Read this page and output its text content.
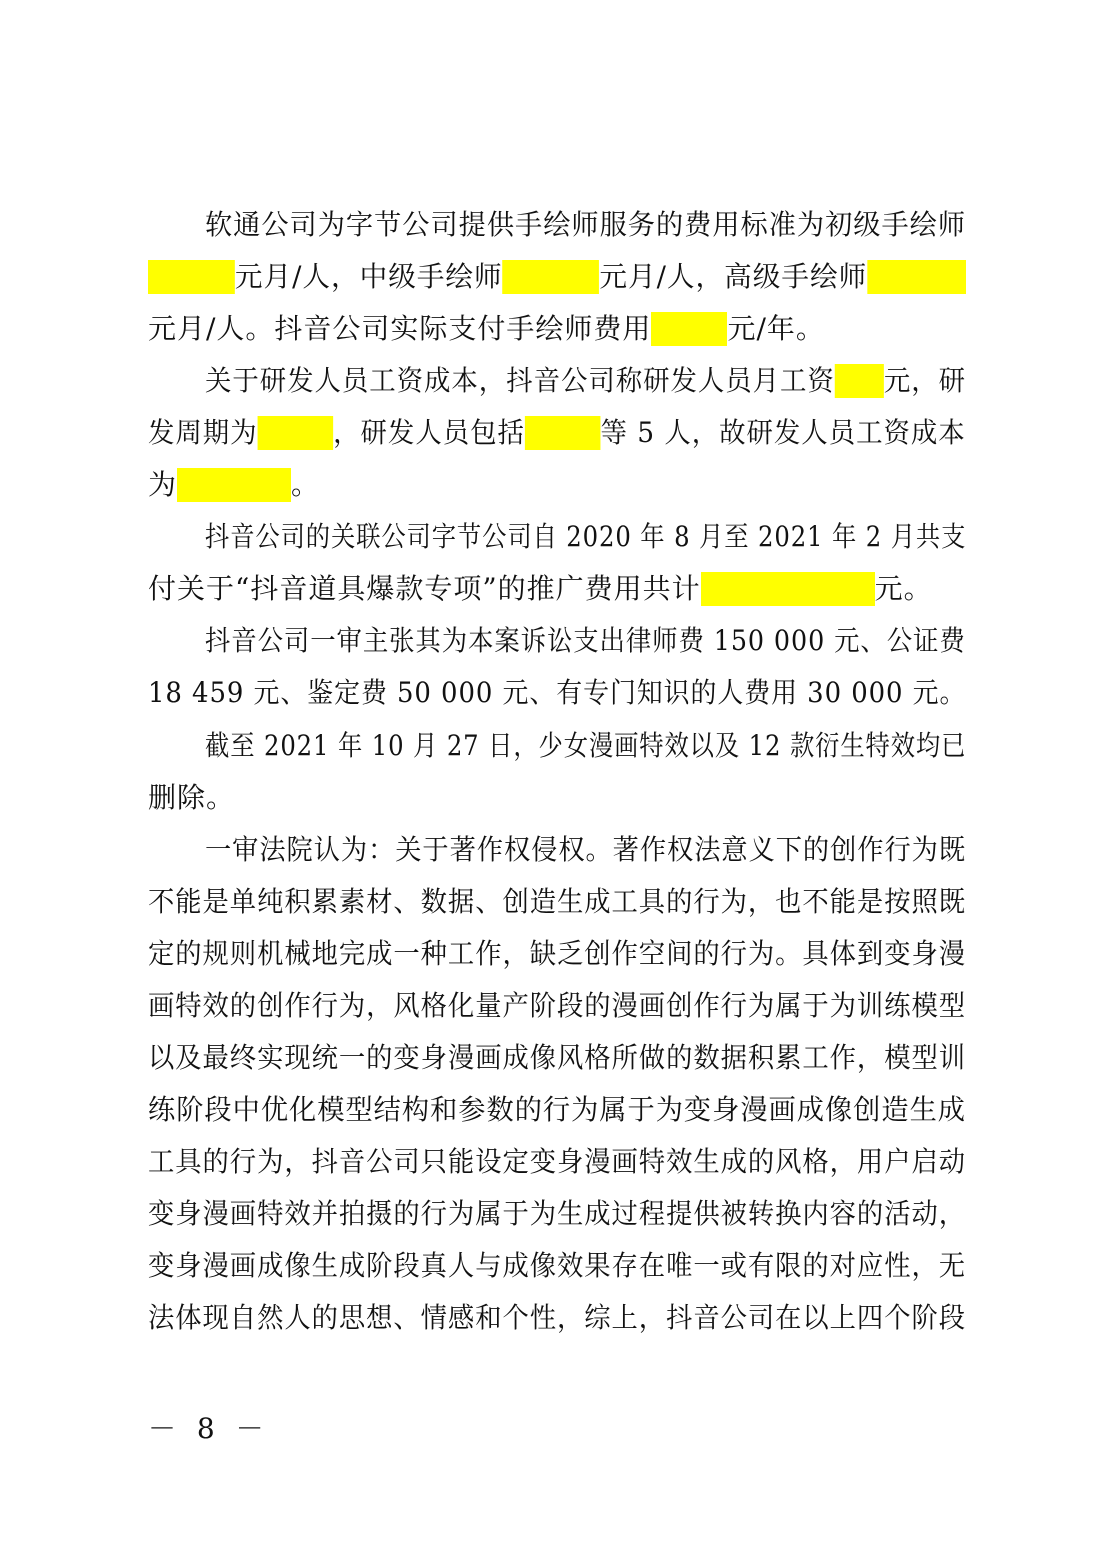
软通公司为字节公司提供手绘师服务的费用标准为初级手绘师
元月/人，中级手绘师	元月/人，高级手绘师
元月/人。抖音公司实际支付手绘师费用	元/年。
关于研发人员工资成本，抖音公司称研发人员月工资 元，研
发周期为	，研发人员包括	等 5 人，故研发人员工资成本
为	。
抖音公司的关联公司字节公司自 2020 年 8 月至 2021 年 2 月共支
付关于“抖音道具爆款专项”的推广费用共计	元。
抖音公司一审主张其为本案诉讼支出律师费 150 000 元、公证费
18 459 元、鉴定费 50 000 元、有专门知识的人费用 30 000 元。
截至 2021 年 10 月 27 日，少女漫画特效以及 12 款衍生特效均已
删除。
一审法院认为：关于著作权侵权。著作权法意义下的创作行为既
不能是单纯积累素材、数据、创造生成工具的行为，也不能是按照既
定的规则机械地完成一种工作，缺乏创作空间的行为。具体到变身漫
画特效的创作行为，风格化量产阶段的漫画创作行为属于为训练模型
以及最终实现统一的变身漫画成像风格所做的数据积累工作，模型训
练阶段中优化模型结构和参数的行为属于为变身漫画成像创造生成
工具的行为，抖音公司只能设定变身漫画特效生成的风格，用户启动
变身漫画特效并拍摄的行为属于为生成过程提供被转换内容的活动，
变身漫画成像生成阶段真人与成像效果存在唯一或有限的对应性，无
法体现自然人的思想、情感和个性，综上，抖音公司在以上四个阶段
－ 8 －
